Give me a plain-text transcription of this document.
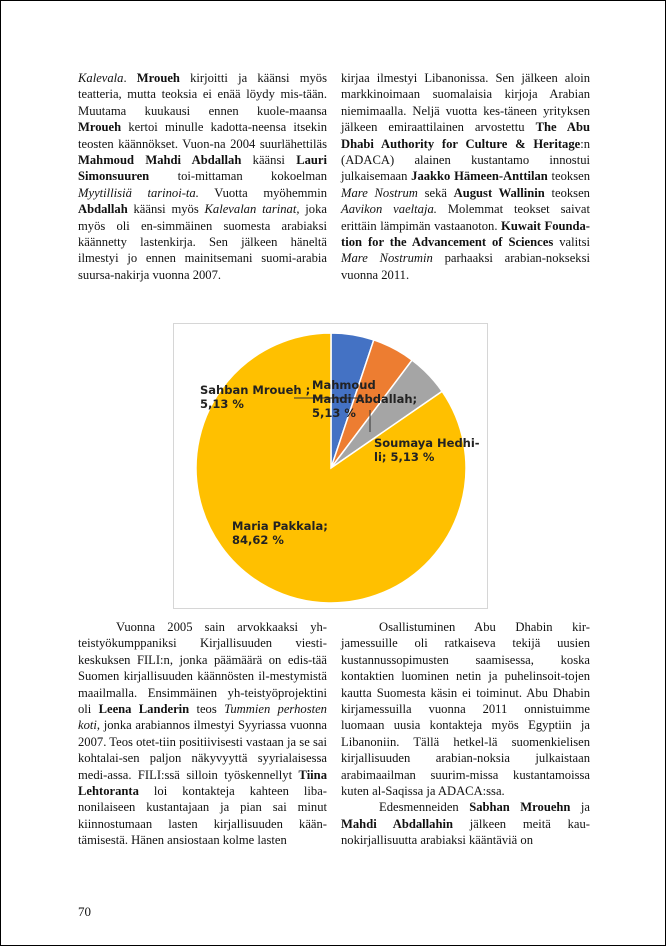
Kalevala. Mroueh kirjoitti ja käänsi myös teatteria, mutta teoksia ei enää löydy mis-tään. Muutama kuukausi ennen kuole-maansa Mroueh kertoi minulle kadotta-neensa itsekin teosten käännökset. Vuon-na 2004 suurlähettiläs Mahmoud Mahdi Abdallah käänsi Lauri Simonsuuren toi-mittaman kokoelman Myytillisiä tarinoi-ta. Vuotta myöhemmin Abdallah käänsi myös Kalevalan tarinat, joka myös oli en-simmäinen suomesta arabiaksi käännetty lastenkirja. Sen jälkeen häneltä ilmestyi jo ennen mainitsemani suomi-arabia suursa-nakirja vuonna 2007.

kirjaa ilmestyi Libanonissa. Sen jälkeen aloin markkinoimaan suomalaisia kirjoja Arabian niemimaalla. Neljä vuotta kes-täneen yrityksen jälkeen emiraattilainen arvostettu The Abu Dhabi Authority for Culture & Heritage:n (ADACA) alainen kustantamo innostui julkaisemaan Jaakko Hämeen-Anttilan teoksen Mare Nostrum sekä August Wallinin teoksen Aavikon vaeltaja. Molemmat teokset saivat erittäin lämpimän vastaanoton. Kuwait Founda-tion for the Advancement of Sciences valitsi Mare Nostrumin parhaaksi arabian-nokseksi vuonna 2011.

Mahmoud
Mahdi Abdallah;
5,13 %
Sahban Mroueh ;
5,13 %
Soumaya Hedhi-
li; 5,13 %
Maria Pakkala;
84,62 %

Vuonna 2005 sain arvokkaaksi yh-teistyökumppaniksi Kirjallisuuden viesti-keskuksen FILI:n, jonka päämäärä on edis-tää Suomen kirjallisuuden käännösten il-mestymistä maailmalla. Ensimmäinen yh-teistyöprojektini oli Leena Landerin teos Tummien perhosten koti, jonka arabiannos ilmestyi Syyriassa vuonna 2007. Teos otet-tiin positiivisesti vastaan ja se sai kohtalai-sen paljon näkyvyyttä syyrialaisessa medi-assa. FILI:ssä silloin työskennellyt Tiina Lehtoranta loi kontakteja kahteen liba-nonilaiseen kustantajaan ja pian sai minut kiinnostumaan lasten kirjallisuuden kään-tämisestä. Hänen ansiostaan kolme lasten

Osallistuminen Abu Dhabin kir-jamessuille oli ratkaiseva tekijä uusien kustannussopimusten saamisessa, koska kontaktien luominen netin ja puhelinsoit-tojen kautta Suomesta käsin ei toiminut. Abu Dhabin kirjamessuilla vuonna 2011 onnistuimme luomaan uusia kontakteja myös Egyptiin ja Libanoniin. Tällä hetkel-lä suomenkielisen kirjallisuuden arabian-noksia julkaistaan arabimaailman suurim-missa kustantamoissa kuten al-Saqissa ja ADACA:ssa.

Edesmenneiden Sabhan Mrouehn ja Mahdi Abdallahin jälkeen meitä kau-nokirjallisuutta arabiaksi kääntäviä on

70
